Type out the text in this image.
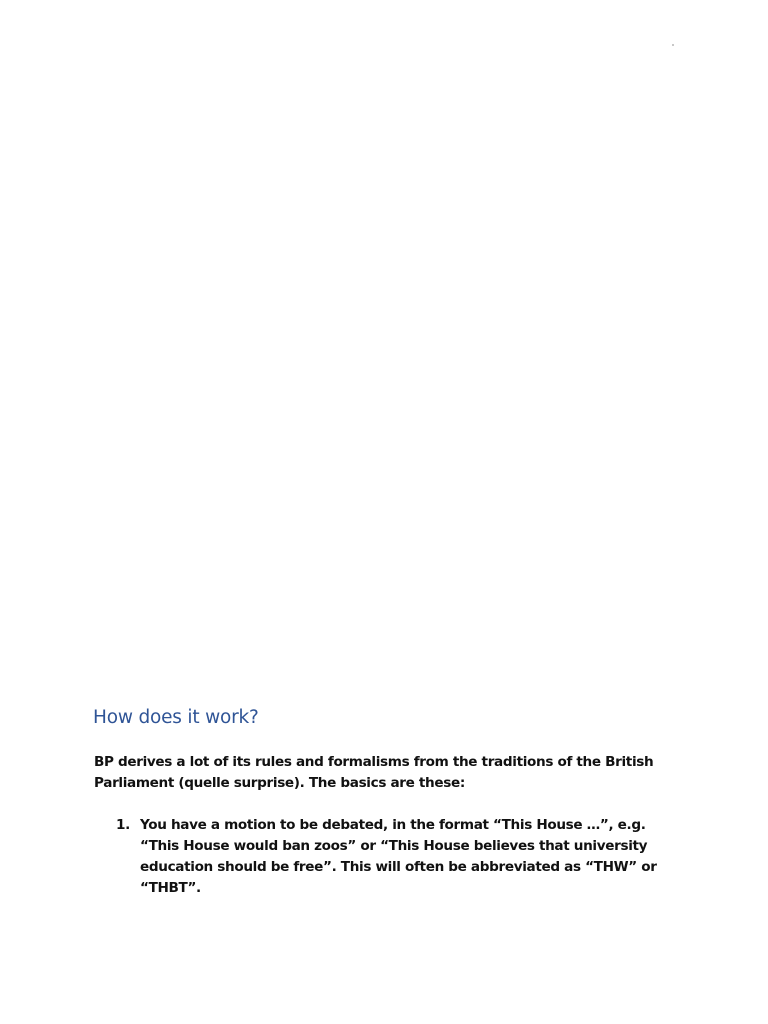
How does it work?

BP derives a lot of its rules and formalisms from the traditions of the British Parliament (quelle surprise). The basics are these:

1. You have a motion to be debated, in the format “This House …”, e.g. “This House would ban zoos” or “This House believes that university education should be free”. This will often be abbreviated as “THW” or “THBT”.
